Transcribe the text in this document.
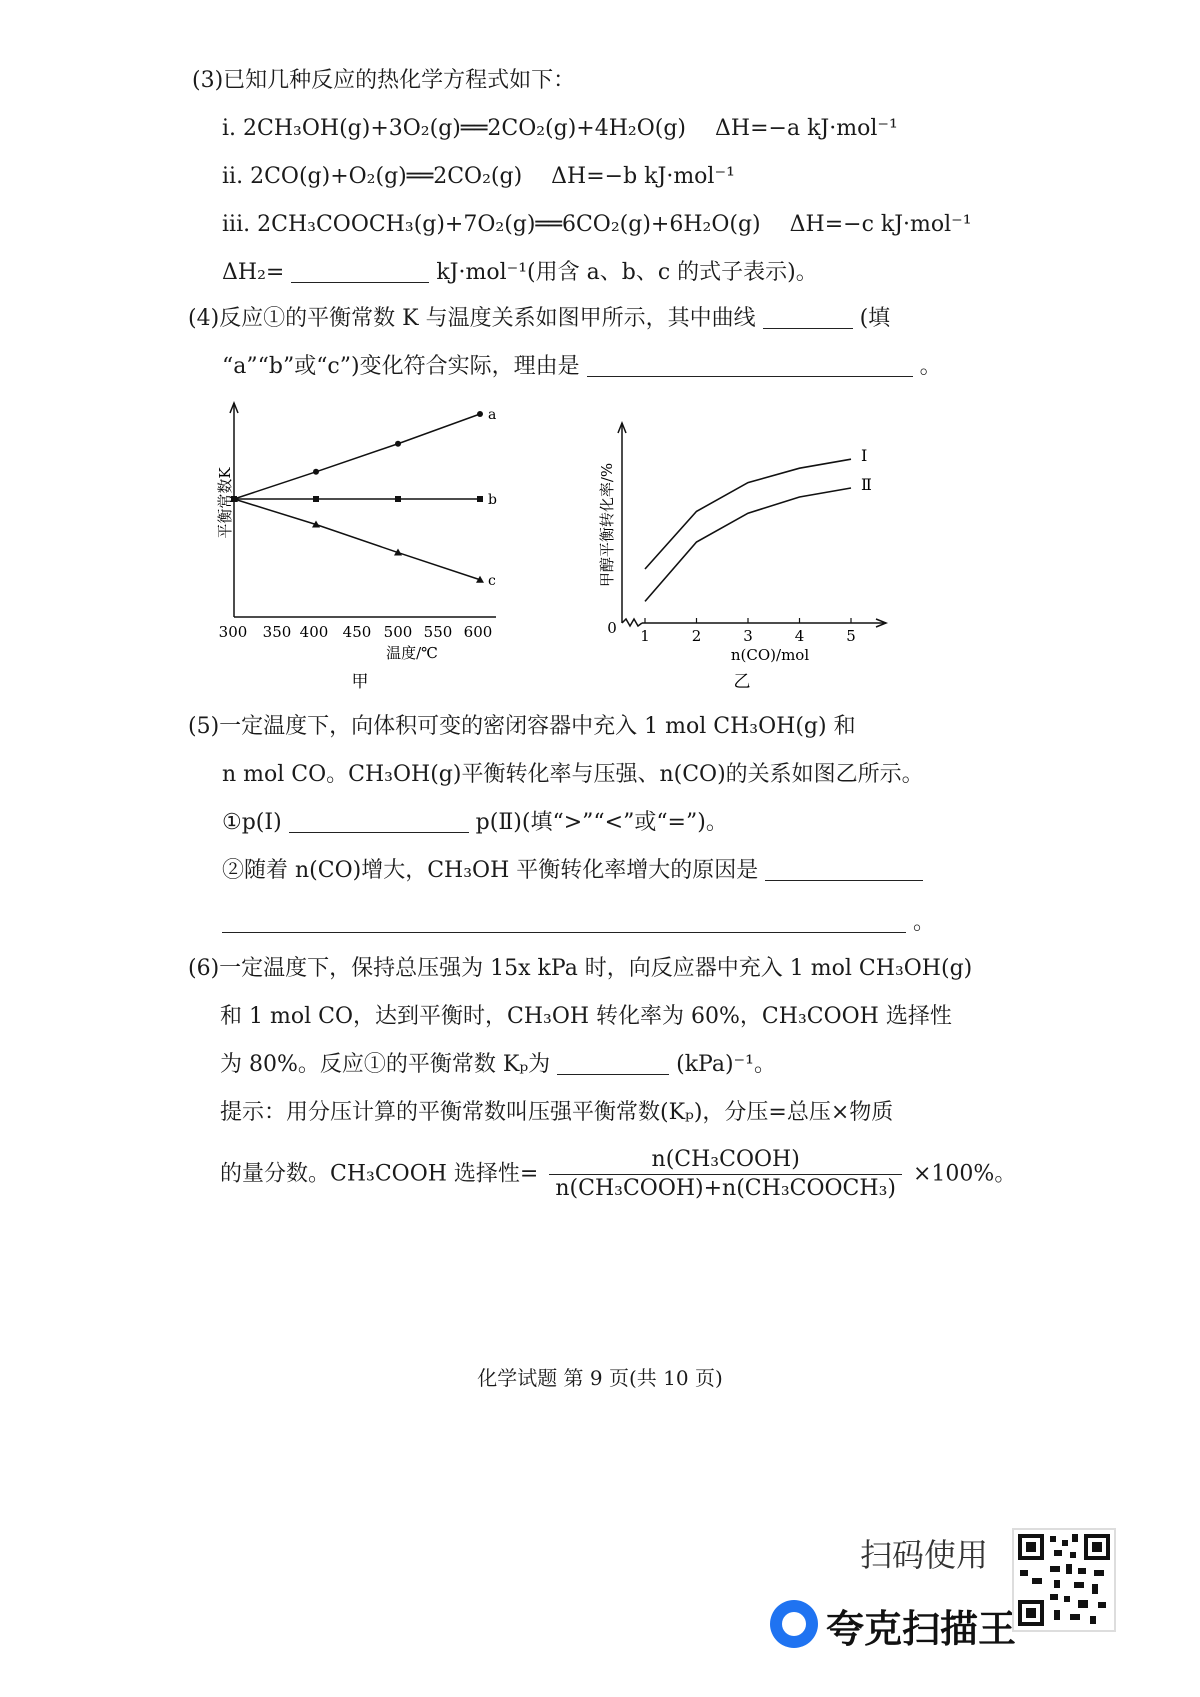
(3)已知几种反应的热化学方程式如下：
i. 2CH₃OH(g)+3O₂(g)══2CO₂(g)+4H₂O(g) ΔH=−a kJ·mol⁻¹
ii. 2CO(g)+O₂(g)══2CO₂(g) ΔH=−b kJ·mol⁻¹
iii. 2CH₃COOCH₃(g)+7O₂(g)══6CO₂(g)+6H₂O(g) ΔH=−c kJ·mol⁻¹
ΔH₂=	kJ·mol⁻¹(用含 a、b、c 的式子表示)。
(4)反应①的平衡常数 K 与温度关系如图甲所示，其中曲线	(填
“a”“b”或“c”)变化符合实际，理由是	。
a
b
c
300 350 400 450 500 550 600
温度/℃
平衡常数K
甲
Ⅰ
Ⅱ
1	2	3	4	5
0
n(CO)/mol
甲醇平衡转化率/%
乙
(5)一定温度下，向体积可变的密闭容器中充入 1 mol CH₃OH(g) 和
n mol CO。CH₃OH(g)平衡转化率与压强、n(CO)的关系如图乙所示。
①p(Ⅰ)	p(Ⅱ)(填“>”“<”或“=”)。
②随着 n(CO)增大，CH₃OH 平衡转化率增大的原因是
。
(6)一定温度下，保持总压强为 15x kPa 时，向反应器中充入 1 mol CH₃OH(g)
和 1 mol CO，达到平衡时，CH₃OH 转化率为 60%，CH₃COOH 选择性
为 80%。反应①的平衡常数 Kₚ为	(kPa)⁻¹。
提示：用分压计算的平衡常数叫压强平衡常数(Kₚ)，分压=总压×物质
的量分数。CH₃COOH 选择性= $\frac{\text{n(CH₃COOH)}}{\text{n(CH₃COOH)+n(CH₃COOCH₃)}} \times 100\%$。
化学试题 第 9 页(共 10 页)
扫码使用
夸克扫描王
